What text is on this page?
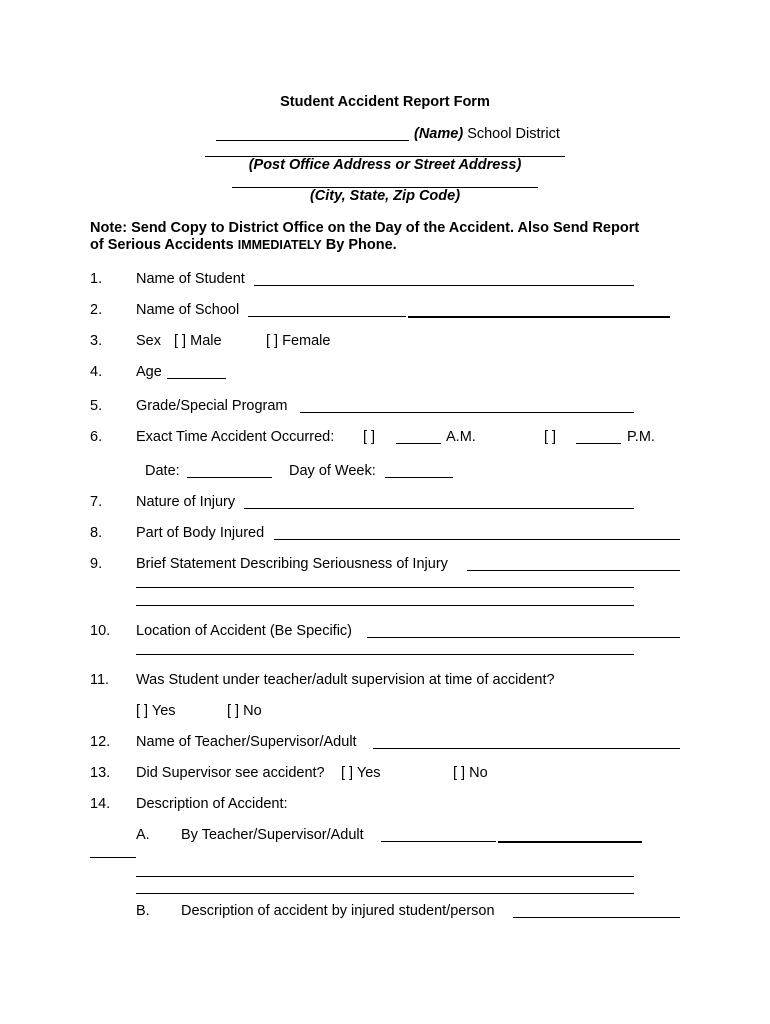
Student Accident Report Form
(Name) School District
(Post Office Address or Street Address)
(City, State, Zip Code)
Note: Send Copy to District Office on the Day of the Accident. Also Send Report
of Serious Accidents IMMEDIATELY By Phone.
1. Name of Student
2. Name of School
3. Sex [ ] Male	[ ] Female
4. Age
5. Grade/Special Program
6. Exact Time Accident Occurred: [ ]	A.M.	[ ]	P.M.
Date:	Day of Week:
7. Nature of Injury
8. Part of Body Injured
9. Brief Statement Describing Seriousness of Injury
10. Location of Accident (Be Specific)
11. Was Student under teacher/adult supervision at time of accident?
[ ] Yes	[ ] No
12. Name of Teacher/Supervisor/Adult
13. Did Supervisor see accident? [ ] Yes	[ ] No
14. Description of Accident:
A. By Teacher/Supervisor/Adult
B. Description of accident by injured student/person
